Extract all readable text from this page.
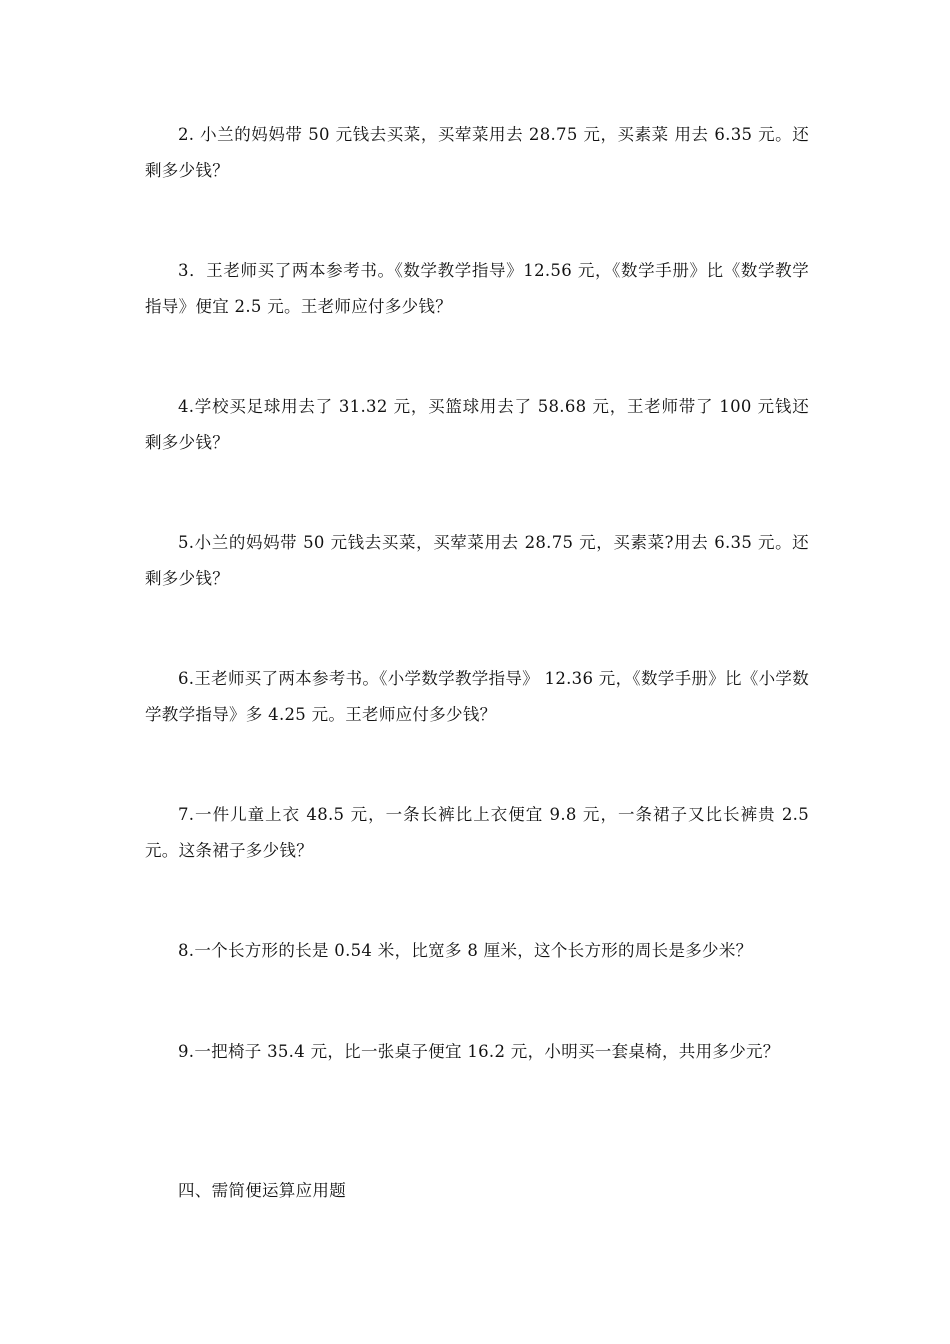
2. 小兰的妈妈带 50 元钱去买菜，买荤菜用去 28.75 元，买素菜 用去 6.35 元。还剩多少钱？

3．王老师买了两本参考书。《数学教学指导》12.56 元，《数学手册》比《数学教学指导》便宜 2.5 元。王老师应付多少钱？

4.学校买足球用去了 31.32 元，买篮球用去了 58.68 元，王老师带了 100 元钱还剩多少钱？

5.小兰的妈妈带 50 元钱去买菜，买荤菜用去 28.75 元，买素菜?用去 6.35 元。还剩多少钱？

6.王老师买了两本参考书。《小学数学教学指导》 12.36 元，《数学手册》比《小学数学教学指导》多 4.25 元。王老师应付多少钱？

7.一件儿童上衣 48.5 元，一条长裤比上衣便宜 9.8 元，一条裙子又比长裤贵 2.5 元。这条裙子多少钱？

8.一个长方形的长是 0.54 米，比宽多 8 厘米，这个长方形的周长是多少米？

9.一把椅子 35.4 元，比一张桌子便宜 16.2 元，小明买一套桌椅，共用多少元？

四、需简便运算应用题
